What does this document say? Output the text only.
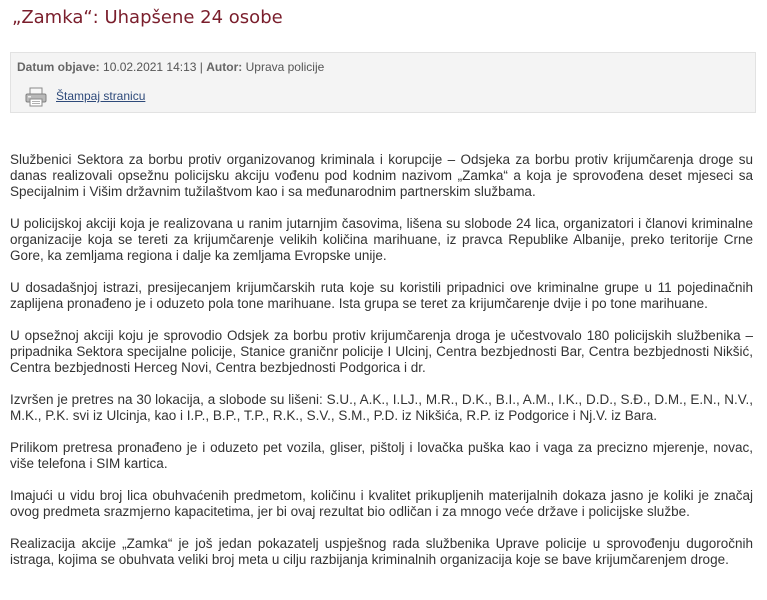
„Zamka“: Uhapšene 24 osobe
Datum objave: 10.02.2021 14:13 | Autor: Uprava policije
Štampaj stranicu

Službenici Sektora za borbu protiv organizovanog kriminala i korupcije – Odsjeka za borbu protiv krijumčarenja droge su danas realizovali opsežnu policijsku akciju vođenu pod kodnim nazivom „Zamka“ a koja je sprovođena deset mjeseci sa Specijalnim i Višim državnim tužilaštvom kao i sa međunarodnim partnerskim službama.

U policijskoj akciji koja je realizovana u ranim jutarnjim časovima, lišena su slobode 24 lica, organizatori i članovi kriminalne organizacije koja se tereti za krijumčarenje velikih količina marihuane, iz pravca Republike Albanije, preko teritorije Crne Gore, ka zemljama regiona i dalje ka zemljama Evropske unije.

U dosadašnjoj istrazi, presijecanjem krijumčarskih ruta koje su koristili pripadnici ove kriminalne grupe u 11 pojedinačnih zaplijena pronađeno je i oduzeto pola tone marihuane. Ista grupa se teret za krijumčarenje dvije i po tone marihuane.

U opsežnoj akciji koju je sprovodio Odsjek za borbu protiv krijumčarenja droga je učestvovalo 180 policijskih službenika – pripadnika Sektora specijalne policije, Stanice graničnr policije I Ulcinj, Centra bezbjednosti Bar, Centra bezbjednosti Nikšić, Centra bezbjednosti Herceg Novi, Centra bezbjednosti Podgorica i dr.

Izvršen je pretres na 30 lokacija, a slobode su lišeni: S.U., A.K., I.LJ., M.R., D.K., B.I., A.M., I.K., D.D., S.Đ., D.M., E.N., N.V., M.K., P.K. svi iz Ulcinja, kao i I.P., B.P., T.P., R.K., S.V., S.M., P.D. iz Nikšića, R.P. iz Podgorice i Nj.V. iz Bara.

Prilikom pretresa pronađeno je i oduzeto pet vozila, gliser, pištolj i lovačka puška kao i vaga za precizno mjerenje, novac, više telefona i SIM kartica.

Imajući u vidu broj lica obuhvaćenih predmetom, količinu i kvalitet prikupljenih materijalnih dokaza jasno je koliki je značaj ovog predmeta srazmjerno kapacitetima, jer bi ovaj rezultat bio odličan i za mnogo veće države i policijske službe.

Realizacija akcije „Zamka“ je još jedan pokazatelj uspješnog rada službenika Uprave policije u sprovođenju dugoročnih istraga, kojima se obuhvata veliki broj meta u cilju razbijanja kriminalnih organizacija koje se bave krijumčarenjem droge.
